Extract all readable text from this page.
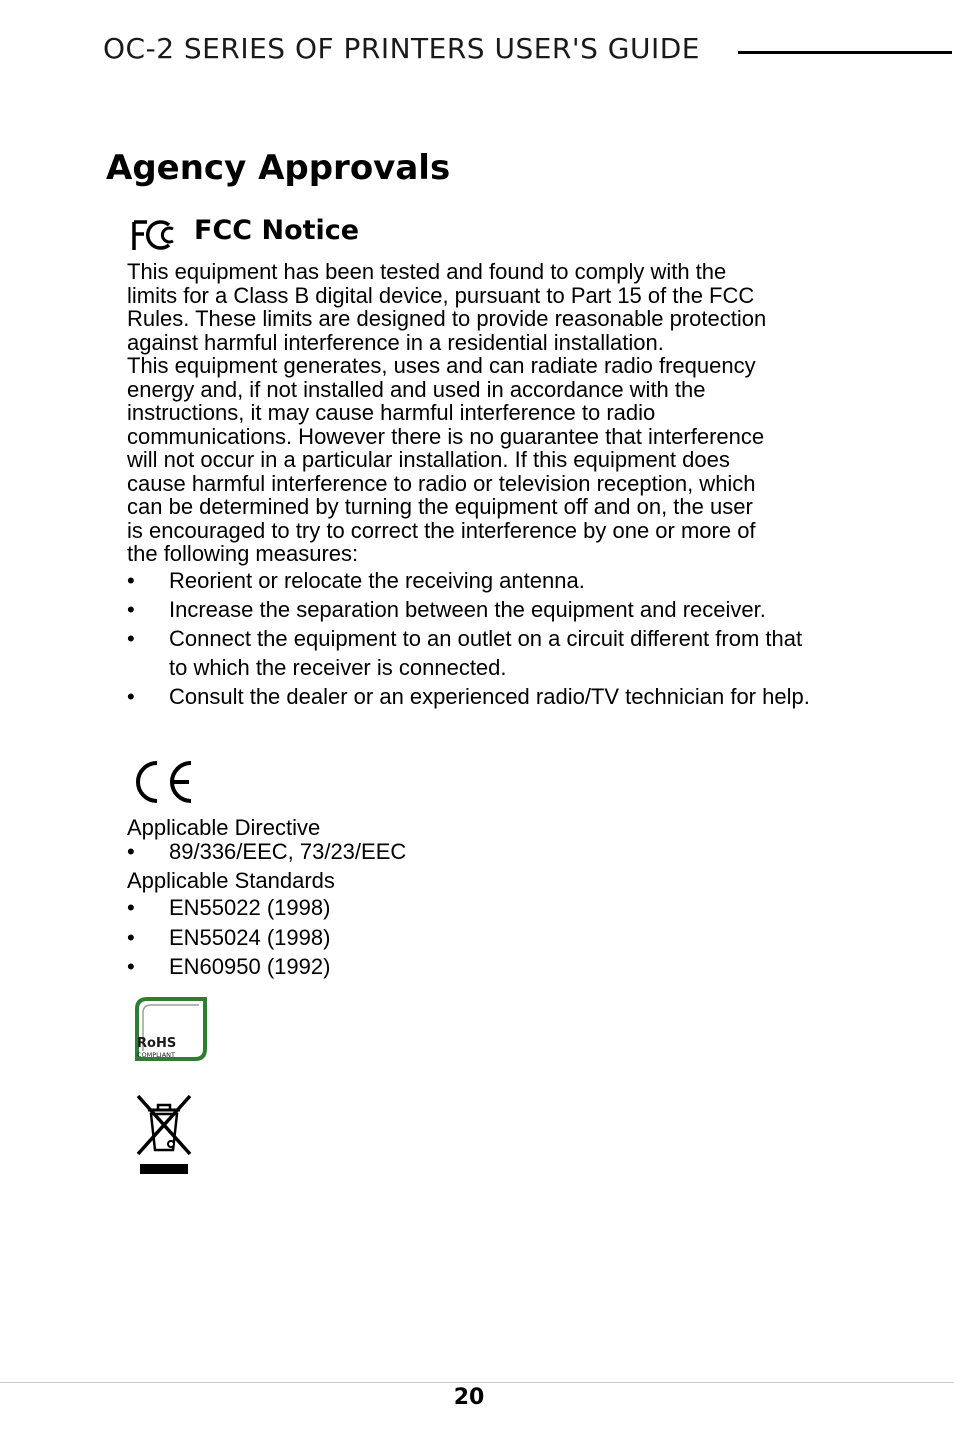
OC-2 SERIES OF PRINTERS USER'S GUIDE
Agency Approvals
FCC Notice

This equipment has been tested and found to comply with the

limits for a Class B digital device, pursuant to Part 15 of the FCC

Rules. These limits are designed to provide reasonable protection

against harmful interference in a residential installation.

This equipment generates, uses and can radiate radio frequency

energy and, if not installed and used in accordance with the

instructions, it may cause harmful interference to radio

communications. However there is no guarantee that interference

will not occur in a particular installation. If this equipment does

cause harmful interference to radio or television reception, which

can be determined by turning the equipment off and on, the user

is encouraged to try to correct the interference by one or more of

the following measures:

• Reorient or relocate the receiving antenna.
• Increase the separation between the equipment and receiver.
• Connect the equipment to an outlet on a circuit different from that to which the receiver is connected.
• Consult the dealer or an experienced radio/TV technician for help.

Applicable Directive

• 89/336/EEC, 73/23/EEC

Applicable Standards

• EN55022 (1998)
• EN55024 (1998)
• EN60950 (1992)
RoHS
COMPLIANT
20
